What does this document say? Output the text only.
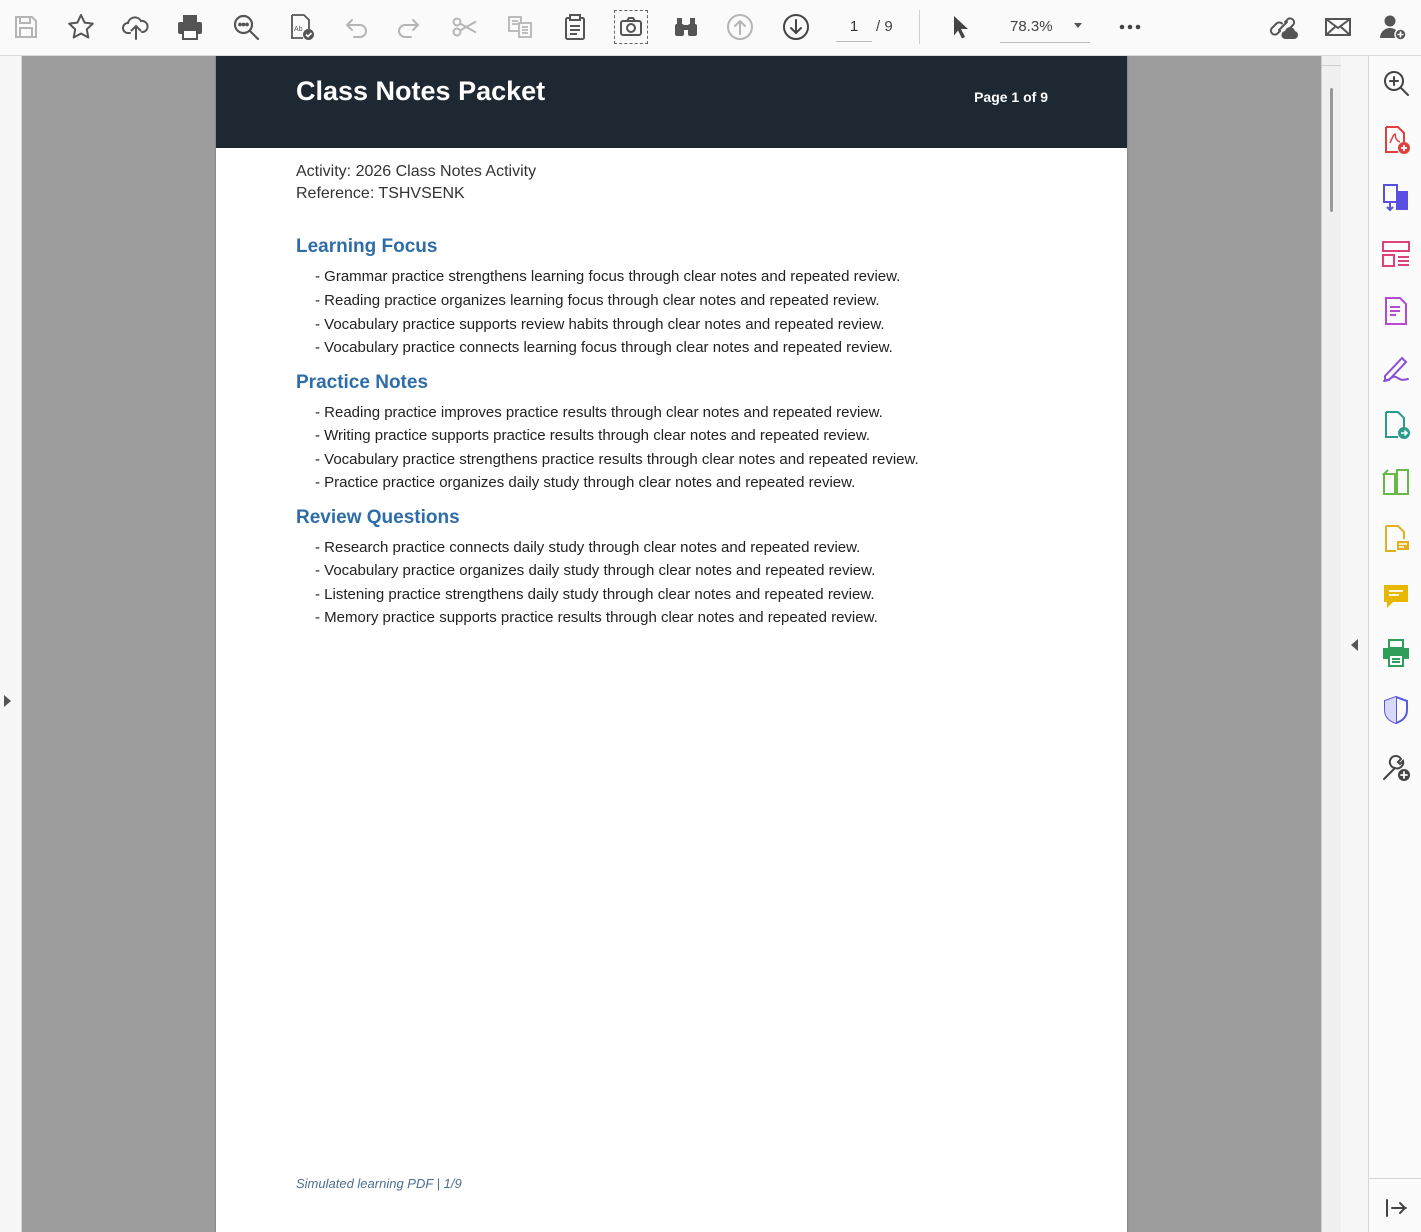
Ab
1	/ 9	78.3%
Class Notes Packet	Page 1 of 9
Activity: 2026 Class Notes Activity
Reference: TSHVSENK
Learning Focus
- Grammar practice strengthens learning focus through clear notes and repeated review.
- Reading practice organizes learning focus through clear notes and repeated review.
- Vocabulary practice supports review habits through clear notes and repeated review.
- Vocabulary practice connects learning focus through clear notes and repeated review.
Practice Notes
- Reading practice improves practice results through clear notes and repeated review.
- Writing practice supports practice results through clear notes and repeated review.
- Vocabulary practice strengthens practice results through clear notes and repeated review.
- Practice practice organizes daily study through clear notes and repeated review.
Review Questions
- Research practice connects daily study through clear notes and repeated review.
- Vocabulary practice organizes daily study through clear notes and repeated review.
- Listening practice strengthens daily study through clear notes and repeated review.
- Memory practice supports practice results through clear notes and repeated review.
Simulated learning PDF | 1/9
